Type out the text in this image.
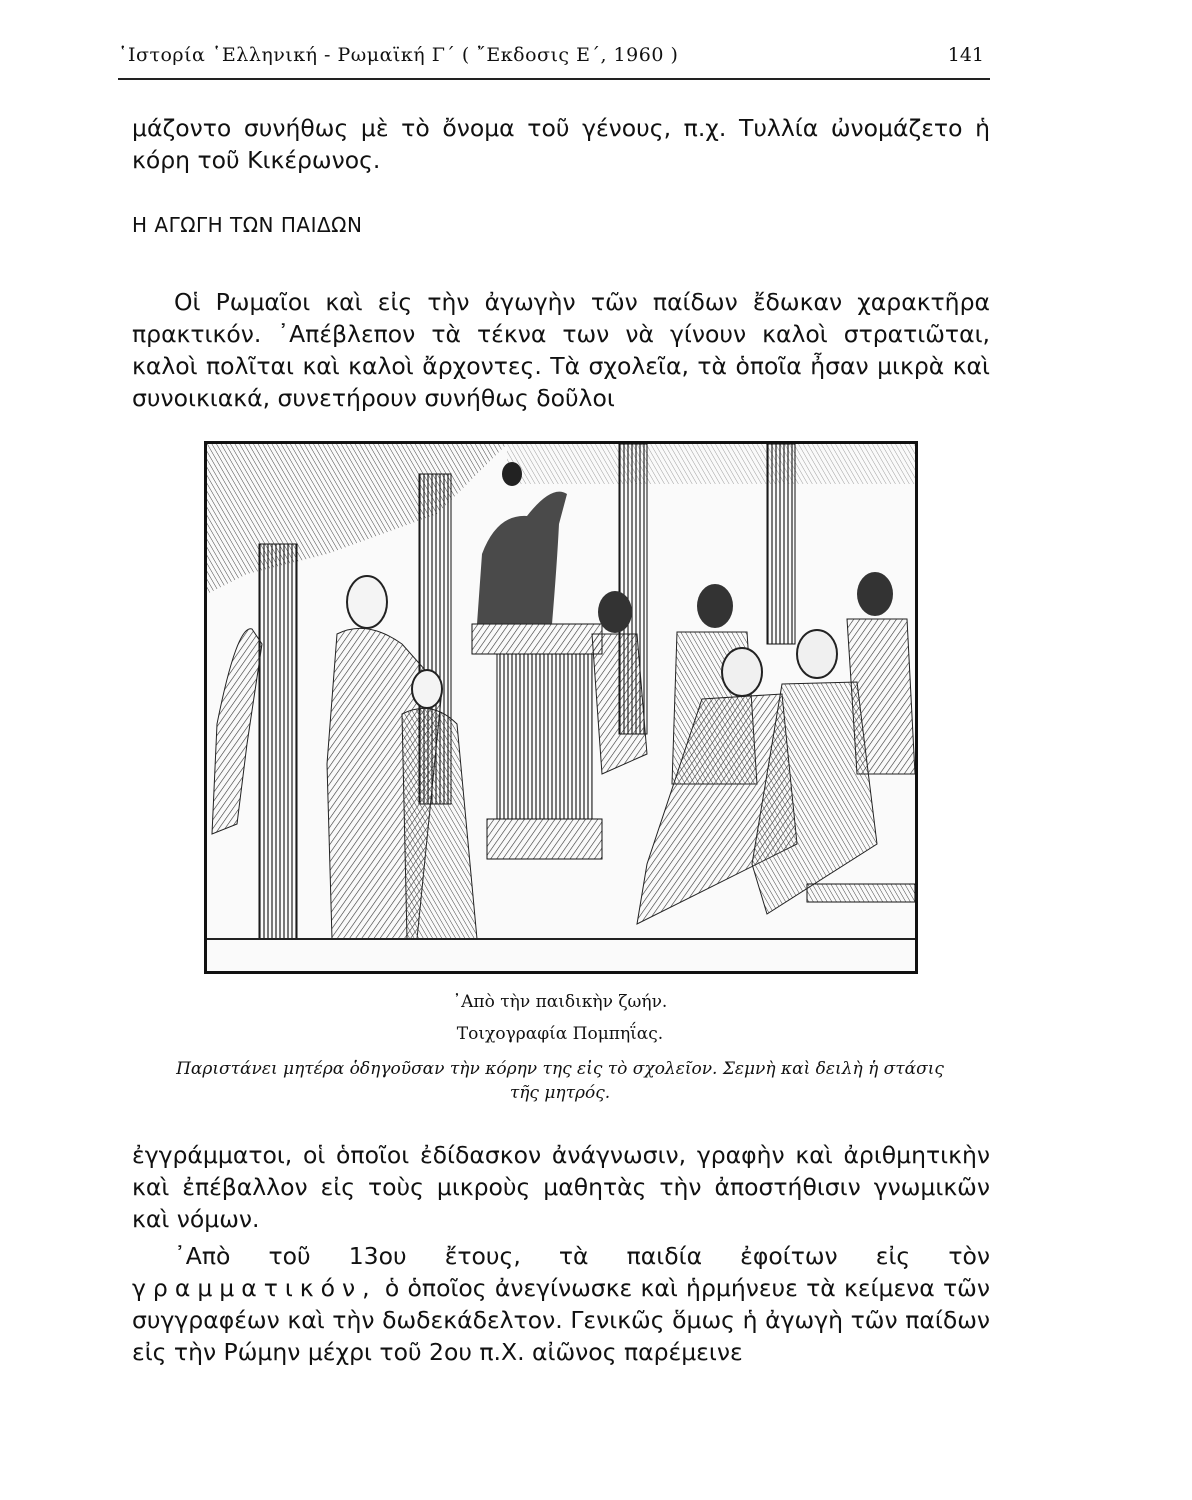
῾Ιστορία ῾Ελληνική - Ρωμαϊκή Γ΄ ( ῎Εκδοσις Ε΄, 1960 )	141
μάζοντο συνήθως μὲ τὸ ὄνομα τοῦ γένους, π.χ. Τυλλία ὠνομάζετο ἡ κόρη τοῦ Κικέρωνος.
Η ΑΓΩΓΗ ΤΩΝ ΠΑΙΔΩΝ
Οἱ Ρωμαῖοι καὶ εἰς τὴν ἀγωγὴν τῶν παίδων ἔδωκαν χαρακτῆρα πρακτικόν. ᾿Απέβλεπον τὰ τέκνα των νὰ γίνουν καλοὶ στρατιῶται, καλοὶ πολῖται καὶ καλοὶ ἄρχοντες. Τὰ σχολεῖα, τὰ ὁποῖα ἦσαν μικρὰ καὶ συνοικιακά, συνετήρουν συνήθως δοῦλοι
᾿Απὸ τὴν παιδικὴν ζωήν.
Τοιχογραφία Πομπηΐας.
Παριστάνει μητέρα ὁδηγοῦσαν τὴν κόρην της εἰς τὸ σχολεῖον. Σεμνὴ καὶ δειλὴ ἡ στάσις τῆς μητρός.
ἐγγράμματοι, οἱ ὁποῖοι ἐδίδασκον ἀνάγνωσιν, γραφὴν καὶ ἀριθμητικὴν καὶ ἐπέβαλλον εἰς τοὺς μικροὺς μαθητὰς τὴν ἀποστήθισιν γνωμικῶν καὶ νόμων.
᾿Απὸ τοῦ 13ου ἔτους, τὰ παιδία ἐφοίτων εἰς τὸν γραμματικόν, ὁ ὁποῖος ἀνεγίνωσκε καὶ ἡρμήνευε τὰ κείμενα τῶν συγγραφέων καὶ τὴν δωδεκάδελτον. Γενικῶς ὅμως ἡ ἀγωγὴ τῶν παίδων εἰς τὴν Ρώμην μέχρι τοῦ 2ου π.Χ. αἰῶνος παρέμεινε
